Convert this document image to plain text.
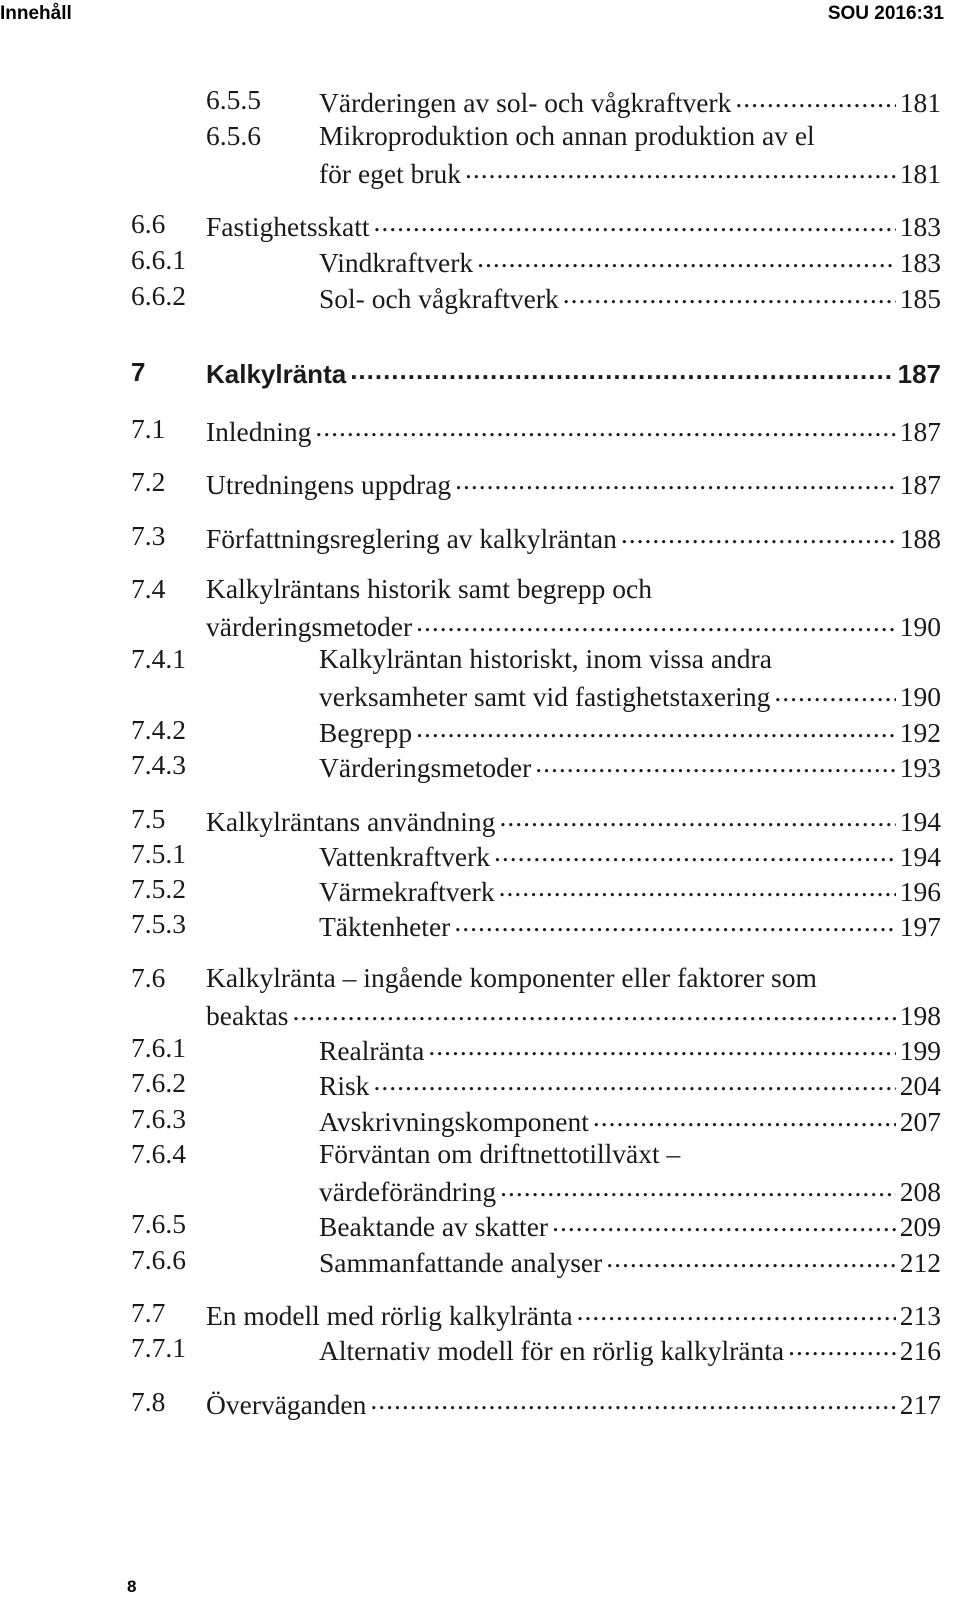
Innehåll	SOU 2016:31
6.5.5 Värderingen av sol- och vågkraftverk .....	181
6.5.6 Mikroproduktion och annan produktion av el
för eget bruk .....	181
6.6 Fastighetsskatt .....	183
6.6.1	Vindkraftverk .....	183
6.6.2	Sol- och vågkraftverk .....	185
7 Kalkylränta .....	187
7.1 Inledning .....	187
7.2 Utredningens uppdrag .....	187
7.3 Författningsreglering av kalkylräntan .....	188
7.4 Kalkylräntans historik samt begrepp och
värderingsmetoder .....	190
7.4.1	Kalkylräntan historiskt, inom vissa andra
verksamheter samt vid fastighetstaxering .....	190
7.4.2	Begrepp .....	192
7.4.3	Värderingsmetoder .....	193
7.5 Kalkylräntans användning .....	194
7.5.1	Vattenkraftverk .....	194
7.5.2	Värmekraftverk .....	196
7.5.3	Täktenheter .....	197
7.6 Kalkylränta – ingående komponenter eller faktorer som
beaktas .....	198
7.6.1	Realränta .....	199
7.6.2	Risk .....	204
7.6.3	Avskrivningskomponent .....	207
7.6.4	Förväntan om driftnettotillväxt –
värdeförändring .....	208
7.6.5	Beaktande av skatter .....	209
7.6.6	Sammanfattande analyser .....	212
7.7 En modell med rörlig kalkylränta .....	213
7.7.1	Alternativ modell för en rörlig kalkylränta .....	216
7.8 Överväganden .....	217
8
